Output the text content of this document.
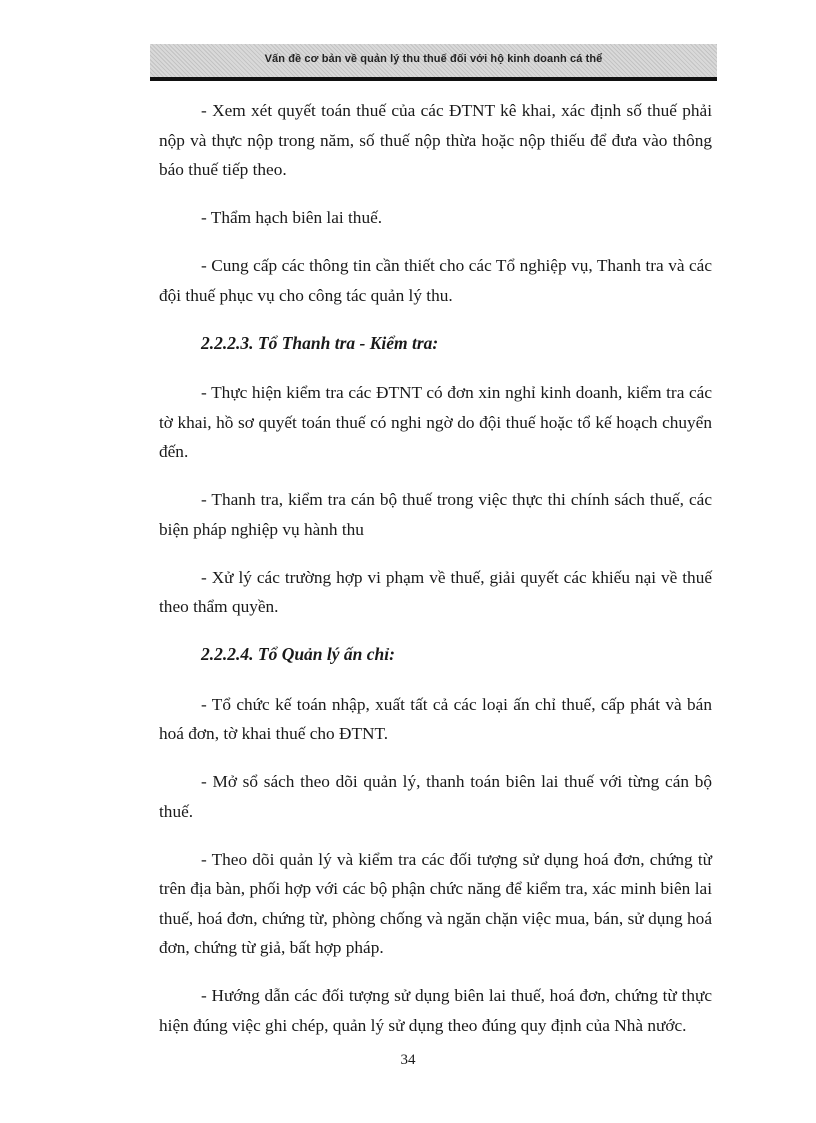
Vấn đề cơ bản về quản lý thu thuế đối với hộ kinh doanh cá thể

- Xem xét quyết toán thuế của các ĐTNT kê khai, xác định số thuế phải nộp và thực nộp trong năm, số thuế nộp thừa hoặc nộp thiếu để đưa vào thông báo thuế tiếp theo.

- Thẩm hạch biên lai thuế.

- Cung cấp các thông tin cần thiết cho các Tổ nghiệp vụ, Thanh tra và các đội thuế phục vụ cho công tác quản lý thu.

2.2.2.3. Tổ Thanh tra - Kiểm tra:

- Thực hiện kiểm tra các ĐTNT có đơn xin nghỉ kinh doanh, kiểm tra các tờ khai, hồ sơ quyết toán thuế có nghi ngờ do đội thuế hoặc tổ kế hoạch chuyển đến.

- Thanh tra, kiểm tra cán bộ thuế trong việc thực thi chính sách thuế, các biện pháp nghiệp vụ hành thu

- Xử lý các trường hợp vi phạm về thuế, giải quyết các khiếu nại về thuế theo thẩm quyền.

2.2.2.4. Tổ Quản lý ấn chỉ:

- Tổ chức kế toán nhập, xuất tất cả các loại ấn chỉ thuế, cấp phát và bán hoá đơn, tờ khai thuế cho ĐTNT.

- Mở sổ sách theo dõi quản lý, thanh toán biên lai thuế với từng cán bộ thuế.

- Theo dõi quản lý và kiểm tra các đối tượng sử dụng hoá đơn, chứng từ trên địa bàn, phối hợp với các bộ phận chức năng để kiểm tra, xác minh biên lai thuế, hoá đơn, chứng từ, phòng chống và ngăn chặn việc mua, bán, sử dụng hoá đơn, chứng từ giả, bất hợp pháp.

- Hướng dẫn các đối tượng sử dụng biên lai thuế, hoá đơn, chứng từ thực hiện đúng việc ghi chép, quản lý sử dụng theo đúng quy định của Nhà nước.

34
